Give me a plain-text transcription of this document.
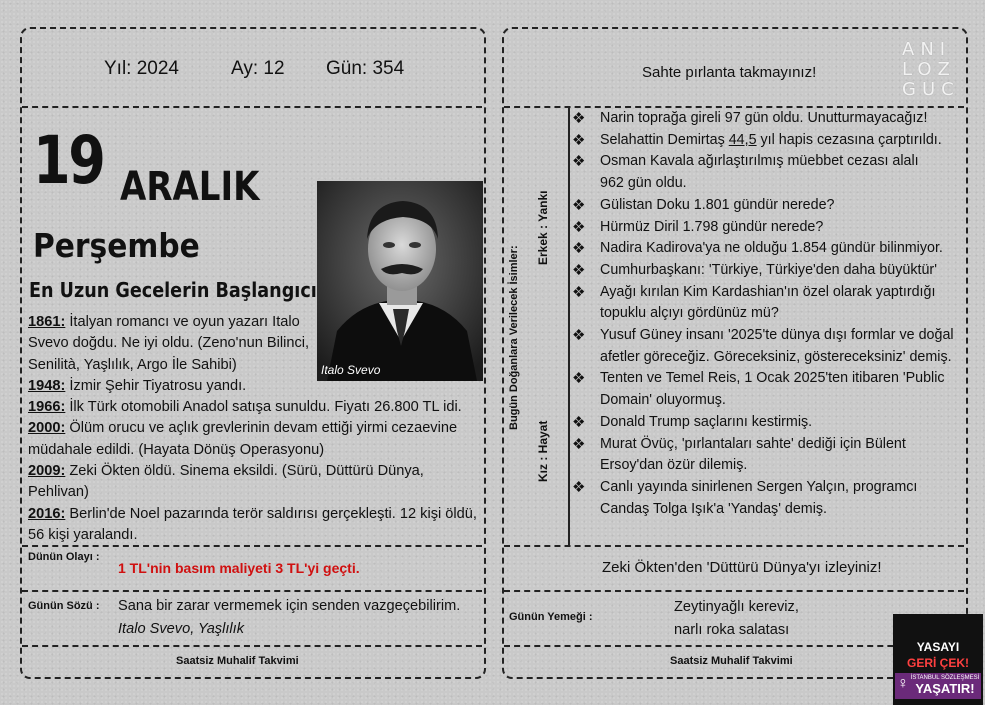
Yıl: 2024	Ay: 12 Gün: 354
19 ARALIK
Perşembe
En Uzun Gecelerin Başlangıcı
Italo Svevo
1861: İtalyan romancı ve oyun yazarı Italo Svevo doğdu. Ne iyi oldu. (Zeno'nun Bilinci, Senilità, Yaşlılık, Argo İle Sahibi)
1948: İzmir Şehir Tiyatrosu yandı.
1966: İlk Türk otomobili Anadol satışa sunuldu. Fiyatı 26.800 TL idi.
2000: Ölüm orucu ve açlık grevlerinin devam ettiği yirmi cezaevine müdahale edildi. (Hayata Dönüş Operasyonu)
2009: Zeki Ökten öldü. Sinema eksildi. (Sürü, Düttürü Dünya, Pehlivan)
2016: Berlin'de Noel pazarında terör saldırısı gerçekleşti. 12 kişi öldü, 56 kişi yaralandı.
Dünün Olayı :
1 TL'nin basım maliyeti 3 TL'yi geçti.
Günün Sözü : Sana bir zarar vermemek için senden vazgeçebilirim.
Italo Svevo, Yaşlılık
Saatsiz Muhalif Takvimi
Sahte pırlanta takmayınız!
ANI
LOZ
GUC
Bugün Doğanlara Verilecek İsimler:
Erkek : Yankı
Kız : Hayat
❖ Narin toprağa gireli 97 gün oldu. Unutturmayacağız!
❖ Selahattin Demirtaş 44,5 yıl hapis cezasına çarptırıldı.
❖ Osman Kavala ağırlaştırılmış müebbet cezası alalı 962 gün oldu.
❖ Gülistan Doku 1.801 gündür nerede?
❖ Hürmüz Diril 1.798 gündür nerede?
❖ Nadira Kadirova'ya ne olduğu 1.854 gündür bilinmiyor.
❖ Cumhurbaşkanı: 'Türkiye, Türkiye'den daha büyüktür'
❖ Ayağı kırılan Kim Kardashian'ın özel olarak yaptırdığı topuklu alçıyı gördünüz mü?
❖ Yusuf Güney insanı '2025'te dünya dışı formlar ve doğal afetler göreceğiz. Göreceksiniz, göstereceksiniz' demiş.
❖ Tenten ve Temel Reis, 1 Ocak 2025'ten itibaren 'Public Domain' oluyormuş.
❖ Donald Trump saçlarını kestirmiş.
❖ Murat Övüç, 'pırlantaları sahte' dediği için Bülent Ersoy'dan özür dilemiş.
❖ Canlı yayında sinirlenen Sergen Yalçın, programcı Candaş Tolga Işık'a 'Yandaş' demiş.
Zeki Ökten'den 'Düttürü Dünya'yı izleyiniz!
Günün Yemeği :
Zeytinyağlı kereviz,
narlı roka salatası
Saatsiz Muhalif Takvimi
YASAYI
GERİ ÇEK!
♀ İSTANBUL SÖZLEŞMESİ
YAŞATIR!
